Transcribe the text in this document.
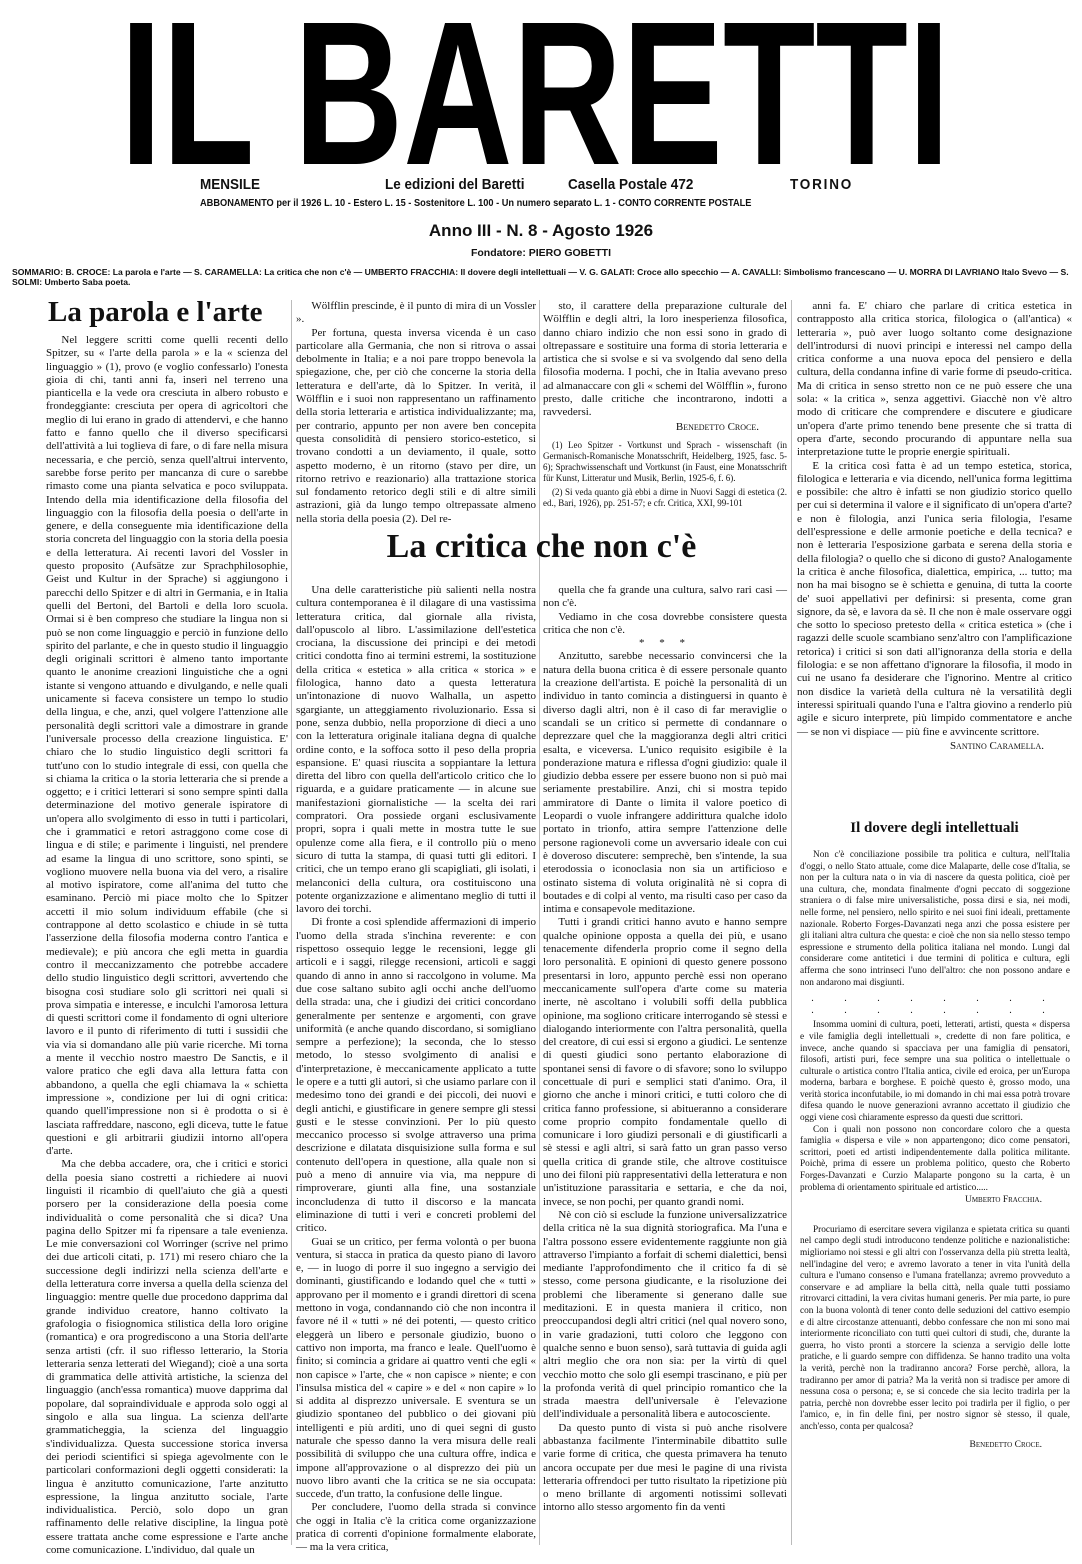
IL BARETTI
MENSILE	Le edizioni del Baretti	Casella Postale 472	TORINO
ABBONAMENTO per il 1926 L. 10 - Estero L. 15 - Sostenitore L. 100 - Un numero separato L. 1 - CONTO CORRENTE POSTALE
Anno III - N. 8 - Agosto 1926
Fondatore: PIERO GOBETTI
SOMMARIO: B. CROCE: La parola e l'arte — S. CARAMELLA: La critica che non c'è — UMBERTO FRACCHIA: Il dovere degli intellettuali — V. G. GALATI: Croce allo specchio — A. CAVALLI: Simbolismo francescano — U. MORRA DI LAVRIANO Italo Svevo — S. SOLMI: Umberto Saba poeta.
La parola e l'arte

Nel leggere scritti come quelli recenti dello Spitzer, su « l'arte della parola » e la « scienza del linguaggio » (1), provo (e voglio confessarlo) l'onesta gioia di chi, tanti anni fa, inserì nel terreno una pianticella e la vede ora cresciuta in albero robusto e frondeggiante: cresciuta per opera di agricoltori che meglio di lui erano in grado di attendervi, e che hanno fatto e fanno quello che il diverso specificarsi dell'attività a lui toglieva di fare, o di fare nella misura necessaria, e che perciò, senza quell'altrui intervento, sarebbe forse perito per mancanza di cure o sarebbe rimasto come una pianta selvatica e poco sviluppata. Intendo della mia identificazione della filosofia del linguaggio con la filosofia della poesia o dell'arte in genere, e della conseguente mia identificazione della storia concreta del linguaggio con la storia della poesia e della letteratura. Ai recenti lavori del Vossler in questo proposito (Aufsätze zur Sprachphilosophie, Geist und Kultur in der Sprache) si aggiungono i parecchi dello Spitzer e di altri in Germania, e in Italia quelli del Bertoni, del Bartoli e della loro scuola. Ormai si è ben compreso che studiare la lingua non si può se non come linguaggio e perciò in funzione dello spirito del parlante, e che in questo studio il linguaggio degli originali scrittori è almeno tanto importante quanto le anonime creazioni linguistiche che a ogni istante si vengono attuando e divulgando, e nelle quali unicamente si faceva consistere un tempo lo studio della lingua, e che, anzi, quel volgere l'attenzione alle personalità degli scrittori vale a dimostrare in grande l'universale processo della creazione linguistica. E' chiaro che lo studio linguistico degli scrittori fa tutt'uno con lo studio integrale di essi, con quella che si chiama la critica o la storia letteraria che si prende a oggetto; e i critici letterari si sono sempre spinti dalla determinazione del motivo generale ispiratore di un'opera allo svolgimento di esso in tutti i particolari, che i grammatici e retori astraggono come cose di lingua e di stile; e parimente i linguisti, nel prendere ad esame la lingua di uno scrittore, sono spinti, se vogliono muovere nella buona via del vero, a risalire al motivo ispiratore, come all'anima del tutto che esaminano. Perciò mi piace molto che lo Spitzer accetti il mio solum individuum effabile (che si contrappone al detto scolastico e chiude in sè tutta l'asserzione della filosofia moderna contro l'antica e medievale); e più ancora che egli metta in guardia contro il meccanizzamento che potrebbe accadere dello studio linguistico degli scrittori, avvertendo che bisogna così studiare solo gli scrittori nei quali si prova simpatia e interesse, e inculchi l'amorosa lettura di questi scrittori come il fondamento di ogni ulteriore lavoro e il punto di riferimento di tutti i sussidii che via via si domandano alle più varie ricerche. Mi torna a mente il vecchio nostro maestro De Sanctis, e il valore pratico che egli dava alla lettura fatta con abbandono, a quella che egli chiamava la « schietta impressione », condizione per lui di ogni critica: quando quell'impressione non si è prodotta o si è lasciata raffreddare, nascono, egli diceva, tutte le fatue questioni e gli arbitrarii giudizii intorno all'opera d'arte.

Ma che debba accadere, ora, che i critici e storici della poesia siano costretti a richiedere ai nuovi linguisti il ricambio di quell'aiuto che già a questi porsero per la considerazione della poesia come individualità o come personalità che si dica? Una pagina dello Spitzer mi fa ripensare a tale evenienza. Le mie conversazioni col Worringer (scrive nel primo dei due articoli citati, p. 171) mi resero chiaro che la successione degli indirizzi nella scienza dell'arte e della letteratura corre inversa a quella della scienza del linguaggio: mentre quelle due procedono dapprima dal grande individuo creatore, hanno coltivato la grafologia o fisiognomica stilistica della loro origine (romantica) e ora progrediscono a una Storia dell'arte senza artisti (cfr. il suo riflesso letterario, la Storia letteraria senza letterati del Wiegand); cioè a una sorta di grammatica delle attività artistiche, la scienza del linguaggio (anch'essa romantica) muove dapprima dal popolare, dal sopraindividuale e approda solo oggi al singolo e alla sua lingua. La scienza dell'arte grammaticheggia, la scienza del linguaggio s'individualizza. Questa successione storica inversa dei periodi scientifici si spiega agevolmente con le particolari conformazioni degli oggetti considerati: la lingua è anzitutto comunicazione, l'arte anzitutto espressione, la lingua anzitutto sociale, l'arte individualistica. Perciò, solo dopo un gran raffinamento delle relative discipline, la lingua potè essere trattata anche come espressione e l'arte anche come comunicazione. L'individuo, dal quale un

Wölfflin prescinde, è il punto di mira di un Vossler ».

Per fortuna, questa inversa vicenda è un caso particolare alla Germania, che non si ritrova o assai debolmente in Italia; e a noi pare troppo benevola la spiegazione, che, per ciò che concerne la storia della letteratura e dell'arte, dà lo Spitzer. In verità, il Wölfflin e i suoi non rappresentano un raffinamento della storia letteraria e artistica individualizzante; ma, per contrario, appunto per non avere ben concepita questa consolidità di pensiero storico-estetico, si trovano condotti a un deviamento, il quale, sotto aspetto moderno, è un ritorno (stavo per dire, un ritorno retrivo e reazionario) alla trattazione storica sul fondamento retorico degli stili e di altre simili astrazioni, già da lungo tempo oltrepassate almeno nella storia della poesia (2). Del re-

sto, il carattere della preparazione culturale del Wölfflin e degli altri, la loro inesperienza filosofica, danno chiaro indizio che non essi sono in grado di oltrepassare e sostituire una forma di storia letteraria e artistica che si svolse e si va svolgendo dal seno della filosofia moderna. I pochi, che in Italia avevano preso ad almanaccare con gli « schemi del Wölfflin », furono presto, dalle critiche che incontrarono, indotti a ravvedersi.

Benedetto Croce.

(1) Leo Spitzer - Vortkunst und Sprach - wissenschaft (in Germanisch-Romanische Monatsschrift, Heidelberg, 1925, fasc. 5-6); Sprachwissenschaft und Vortkunst (in Faust, eine Monatsschrift für Kunst, Litteratur und Musik, Berlin, 1925-6, f. 6).

(2) Si veda quanto già ebbi a dirne in Nuovi Saggi di estetica (2. ed., Bari, 1926), pp. 251-57; e cfr. Critica, XXI, 99-101

La critica che non c'è

Una delle caratteristiche più salienti nella nostra cultura contemporanea è il dilagare di una vastissima letteratura critica, dal giornale alla rivista, dall'opuscolo al libro. L'assimilazione dell'estetica crociana, la discussione dei principi e dei metodi critici condotta fino ai termini estremi, la sostituzione della critica « estetica » alla critica « storica » e filologica, hanno dato a questa letteratura un'intonazione di nuovo Walhalla, un aspetto sgargiante, un atteggiamento rivoluzionario. Essa si pone, senza dubbio, nella proporzione di dieci a uno con la letteratura originale italiana degna di qualche ordine conto, e la soffoca sotto il peso della propria espansione. E' quasi riuscita a soppiantare la lettura diretta del libro con quella dell'articolo critico che lo riguarda, e a guidare praticamente — in alcune sue manifestazioni giornalistiche — la scelta dei rari compratori. Ora possiede organi esclusivamente propri, sopra i quali mette in mostra tutte le sue opulenze come alla fiera, e il controllo più o meno sicuro di tutta la stampa, di quasi tutti gli editori. I critici, che un tempo erano gli scapigliati, gli isolati, i melanconici della cultura, ora costituiscono una potente organizzazione e alimentano meglio di tutti il lavoro dei torchi.

Di fronte a così splendide affermazioni di imperio l'uomo della strada s'inchina reverente: e con rispettoso ossequio legge le recensioni, legge gli articoli e i saggi, rilegge recensioni, articoli e saggi quando di anno in anno si raccolgono in volume. Ma due cose saltano subito agli occhi anche dell'uomo della strada: una, che i giudizi dei critici concordano generalmente per sentenze e argomenti, con grave uniformità (e anche quando discordano, si somigliano sempre a perfezione); la seconda, che lo stesso metodo, lo stesso svolgimento di analisi e d'interpretazione, è meccanicamente applicato a tutte le opere e a tutti gli autori, sì che usiamo parlare con il medesimo tono dei grandi e dei piccoli, dei nuovi e degli antichi, e giustificare in genere sempre gli stessi gusti e le stesse convinzioni. Per lo più questo meccanico processo si svolge attraverso una prima descrizione e dilatata disquisizione sulla forma e sul contenuto dell'opera in questione, alla quale non si può a meno di annuire via via, ma neppure di rimproverare, giunti alla fine, una sostanziale inconcludenza di tutto il discorso e la mancata eliminazione di tutti i veri e concreti problemi del critico.

Guai se un critico, per ferma volontà o per buona ventura, si stacca in pratica da questo piano di lavoro e, — in luogo di porre il suo ingegno a servigio dei dominanti, giustificando e lodando quel che « tutti » approvano per il momento e i grandi direttori di scena mettono in voga, condannando ciò che non incontra il favore né il « tutti » né dei potenti, — questo critico eleggerà un libero e personale giudizio, buono o cattivo non importa, ma franco e leale. Quell'uomo è finito; si comincia a gridare ai quattro venti che egli « non capisce » l'arte, che « non capisce » niente; e con l'insulsa mistica del « capire » e del « non capire » lo si addita al disprezzo universale. E sventura se un giudizio spontaneo del pubblico o dei giovani più intelligenti e più arditi, uno di quei segni di gusto naturale che spesso danno la vera misura delle reali possibilità di sviluppo che una cultura offre, indica e impone all'approvazione o al disprezzo dei più un nuovo libro avanti che la critica se ne sia occupata: succede, d'un tratto, la confusione delle lingue.

Per concludere, l'uomo della strada si convince che oggi in Italia c'è la critica come organizzazione pratica di correnti d'opinione formalmente elaborate, — ma la vera critica,

quella che fa grande una cultura, salvo rari casi — non c'è.

Vediamo in che cosa dovrebbe consistere questa critica che non c'è.

* * *

Anzitutto, sarebbe necessario convincersi che la natura della buona critica è di essere personale quanto la creazione dell'artista. E poichè la personalità di un individuo in tanto comincia a distinguersi in quanto è diverso dagli altri, non è il caso di far meraviglie o scandali se un critico si permette di condannare o deprezzare quel che la maggioranza degli altri critici esalta, e viceversa. L'unico requisito esigibile è la ponderazione matura e riflessa d'ogni giudizio: quale il giudizio debba essere per essere buono non si può mai seriamente prestabilire. Anzi, chi si mostra tepido ammiratore di Dante o limita il valore poetico di Leopardi o vuole infrangere addirittura qualche idolo portato in trionfo, attira sempre l'attenzione delle persone ragionevoli come un avversario ideale con cui è doveroso discutere: semprechè, ben s'intende, la sua eterodossia o iconoclasia non sia un artificioso e ostinato sistema di voluta originalità nè si copra di boutades e di colpi al vento, ma risulti caso per caso da intima e consapevole meditazione.

Tutti i grandi critici hanno avuto e hanno sempre qualche opinione opposta a quella dei più, e usano tenacemente difenderla proprio come il segno della loro personalità. E opinioni di questo genere possono presentarsi in loro, appunto perchè essi non operano meccanicamente sull'opera d'arte come su materia inerte, nè ascoltano i volubili soffi della pubblica opinione, ma sogliono criticare interrogando sè stessi e dialogando interiormente con l'altra personalità, quella del creatore, di cui essi si ergono a giudici. Le sentenze di questi giudici sono pertanto elaborazione di spontanei sensi di favore o di sfavore; sono lo sviluppo concettuale di puri e semplici stati d'animo. Ora, il giorno che anche i minori critici, e tutti coloro che di critica fanno professione, si abitueranno a considerare come proprio compito fondamentale quello di comunicare i loro giudizi personali e di giustificarli a sè stessi e agli altri, si sarà fatto un gran passo verso quella critica di grande stile, che altrove costituisce uno dei filoni più rappresentativi della letteratura e non un'istituzione parassitaria e settaria, e che da noi, invece, se non pochi, per quanto grandi nomi.

Nè con ciò si esclude la funzione universalizzatrice della critica nè la sua dignità storiografica. Ma l'una e l'altra possono essere evidentemente raggiunte non già attraverso l'impianto a forfait di schemi dialettici, bensì mediante l'approfondimento che il critico fa di sè stesso, come persona giudicante, e la risoluzione dei problemi che liberamente si generano dalle sue meditazioni. E in questa maniera il critico, non preoccupandosi degli altri critici (nel qual novero sono, in varie gradazioni, tutti coloro che leggono con qualche senno e buon senso), sarà tuttavia di guida agli altri meglio che ora non sia: per la virtù di quel vecchio motto che solo gli esempi trascinano, e più per la profonda verità di quel principio romantico che la strada maestra dell'universale è l'elevazione dell'individuale a personalità libera e autocosciente.

Da questo punto di vista si può anche risolvere abbastanza facilmente l'interminabile dibattito sulle varie forme di critica, che questa primavera ha tenuto ancora occupate per due mesi le pagine di una rivista letteraria offrendoci per tutto risultato la ripetizione più o meno brillante di argomenti notissimi sollevati intorno allo stesso argomento fin da venti

anni fa. E' chiaro che parlare di critica estetica in contrapposto alla critica storica, filologica o (all'antica) « letteraria », può aver luogo soltanto come designazione dell'introdursi di nuovi principi e interessi nel campo della critica conforme a una nuova epoca del pensiero e della cultura, della condanna infine di varie forme di pseudo-critica. Ma di critica in senso stretto non ce ne può essere che una sola: « la critica », senza aggettivi. Giacchè non v'è altro modo di criticare che comprendere e discutere e giudicare un'opera d'arte primo tenendo bene presente che si tratta di opera d'arte, secondo procurando di appuntare nella sua interpretazione tutte le proprie energie spirituali.

E la critica così fatta è ad un tempo estetica, storica, filologica e letteraria e via dicendo, nell'unica forma legittima e possibile: che altro è infatti se non giudizio storico quello per cui si determina il valore e il significato di un'opera d'arte? e non è filologia, anzi l'unica seria filologia, l'esame dell'espressione e delle armonie poetiche e della tecnica? e non è letteraria l'esposizione garbata e serena della storia e della filologia? o quello che si dicono di gusto? Analogamente la critica è anche filosofica, dialettica, empirica, ... tutto; ma non ha mai bisogno se è schietta e genuina, di tutta la coorte de' suoi appellativi per definirsi: si presenta, come gran signore, da sè, e lavora da sè. Il che non è male osservare oggi che sotto lo specioso pretesto della « critica estetica » (che i ragazzi delle scuole scambiano senz'altro con l'amplificazione retorica) i critici si son dati all'ignoranza della storia e della filologia: e se non affettano d'ignorare la filosofia, il modo in cui ne usano fa desiderare che l'ignorino. Mentre al critico non disdice la varietà della cultura nè la versatilità degli interessi spirituali quando l'una e l'altra giovino a renderlo più agile e sicuro interprete, più limpido commentatore e anche — se non vi dispiace — più fine e avvincente scrittore.

Santino Caramella.
Il dovere degli intellettuali

Non c'è conciliazione possibile tra politica e cultura, nell'Italia d'oggi, o nello Stato attuale, come dice Malaparte, delle cose d'Italia, se non per la cultura nata o in via di nascere da questa politica, cioè per una cultura, che, mondata finalmente d'ogni peccato di soggezione straniera o di false mire universalistiche, possa dirsi e sia, nei modi, nelle forme, nel pensiero, nello spirito e nei suoi fini ideali, prettamente nazionale. Roberto Forges-Davanzati nega anzi che possa esistere per gli italiani altra cultura che questa: e cioè che non sia nello stesso tempo espressione e strumento della politica italiana nel mondo. Lungi dal considerare come antitetici i due termini di politica e cultura, egli afferma che sono intrinseci l'uno dell'altro: che non possono andare e non andarono mai disgiunti.

. . . . . . . . . . . . . . . .

Insomma uomini di cultura, poeti, letterati, artisti, questa « dispersa e vile famiglia degli intellettuali », credette di non fare politica, e invece, anche quando si spacciava per una famiglia di pensatori, filosofi, artisti puri, fece sempre una sua politica o intellettuale o culturale o artistica contro l'Italia antica, civile ed eroica, per un'Europa moderna, barbara e borghese. E poichè questo è, grosso modo, una verità storica inconfutabile, io mi domando in chi mai essa potrà trovare difesa quando le nuove generazioni avranno accettato il giudizio che oggi viene così chiaramente espresso da questi due scrittori.

Con i quali non possono non concordare coloro che a questa famiglia « dispersa e vile » non appartengono; dico come pensatori, scrittori, poeti ed artisti indipendentemente dalla politica militante. Poichè, prima di essere un problema politico, questo che Roberto Forges-Davanzati e Curzio Malaparte pongono su la carta, è un problema di orientamento spirituale ed artistico.....

Umberto Fracchia.

Procuriamo di esercitare severa vigilanza e spietata critica su quanti nel campo degli studi introducono tendenze politiche e nazionalistiche: miglioriamo noi stessi e gli altri con l'osservanza della più stretta lealtà, nell'indagine del vero; e avremo lavorato a tener in vita l'unità della cultura e l'umano consenso e l'umana fratellanza; avremo provveduto a conservare e ad ampliare la bella città, nella quale tutti possiamo ritrovarci cittadini, la vera civitas humani generis. Per mia parte, io pure con la buona volontà di tener conto delle seduzioni del cattivo esempio e di altre circostanze attenuanti, debbo confessare che non mi sono mai interiormente riconciliato con tutti quei cultori di studi, che, durante la guerra, ho visto pronti a storcere la scienza a servigio delle lotte pratiche, e li guardo sempre con diffidenza. Se hanno tradito una volta la verità, perchè non la tradiranno ancora? Forse perchè, allora, la tradiranno per amor di patria? Ma la verità non si tradisce per amore di nessuna cosa o persona; e, se si concede che sia lecito tradirla per la patria, perchè non dovrebbe esser lecito poi tradirla per il figlio, o per l'amico, e, in fin delle fini, per nostro signor sè stesso, il quale, anch'esso, conta per qualcosa?

Benedetto Croce.
